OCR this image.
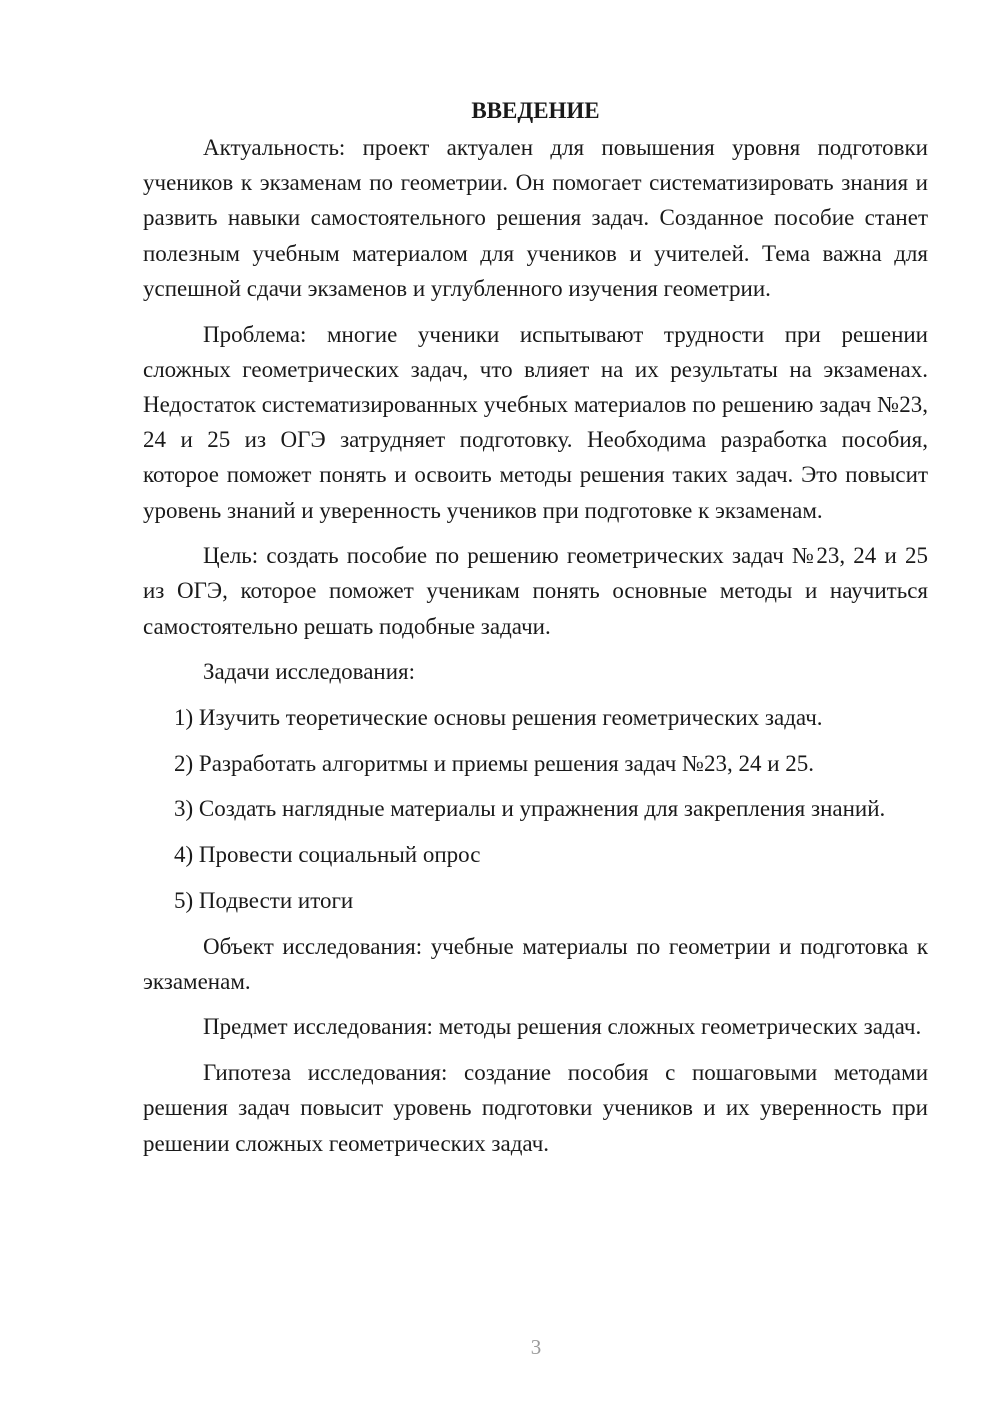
ВВЕДЕНИЕ

Актуальность: проект актуален для повышения уровня подготовки учеников к экзаменам по геометрии. Он помогает систематизировать знания и развить навыки самостоятельного решения задач. Созданное пособие станет полезным учебным материалом для учеников и учителей. Тема важна для успешной сдачи экзаменов и углубленного изучения геометрии.

Проблема: многие ученики испытывают трудности при решении сложных геометрических задач, что влияет на их результаты на экзаменах. Недостаток систематизированных учебных материалов по решению задач №23, 24 и 25 из ОГЭ затрудняет подготовку. Необходима разработка пособия, которое поможет понять и освоить методы решения таких задач. Это повысит уровень знаний и уверенность учеников при подготовке к экзаменам.

Цель: создать пособие по решению геометрических задач №23, 24 и 25 из ОГЭ, которое поможет ученикам понять основные методы и научиться самостоятельно решать подобные задачи.

Задачи исследования:

1) Изучить теоретические основы решения геометрических задач.

2) Разработать алгоритмы и приемы решения задач №23, 24 и 25.

3) Создать наглядные материалы и упражнения для закрепления знаний.

4) Провести социальный опрос

5) Подвести итоги

Объект исследования: учебные материалы по геометрии и подготовка к экзаменам.

Предмет исследования: методы решения сложных геометрических задач.

Гипотеза исследования: создание пособия с пошаговыми методами решения задач повысит уровень подготовки учеников и их уверенность при решении сложных геометрических задач.

3
